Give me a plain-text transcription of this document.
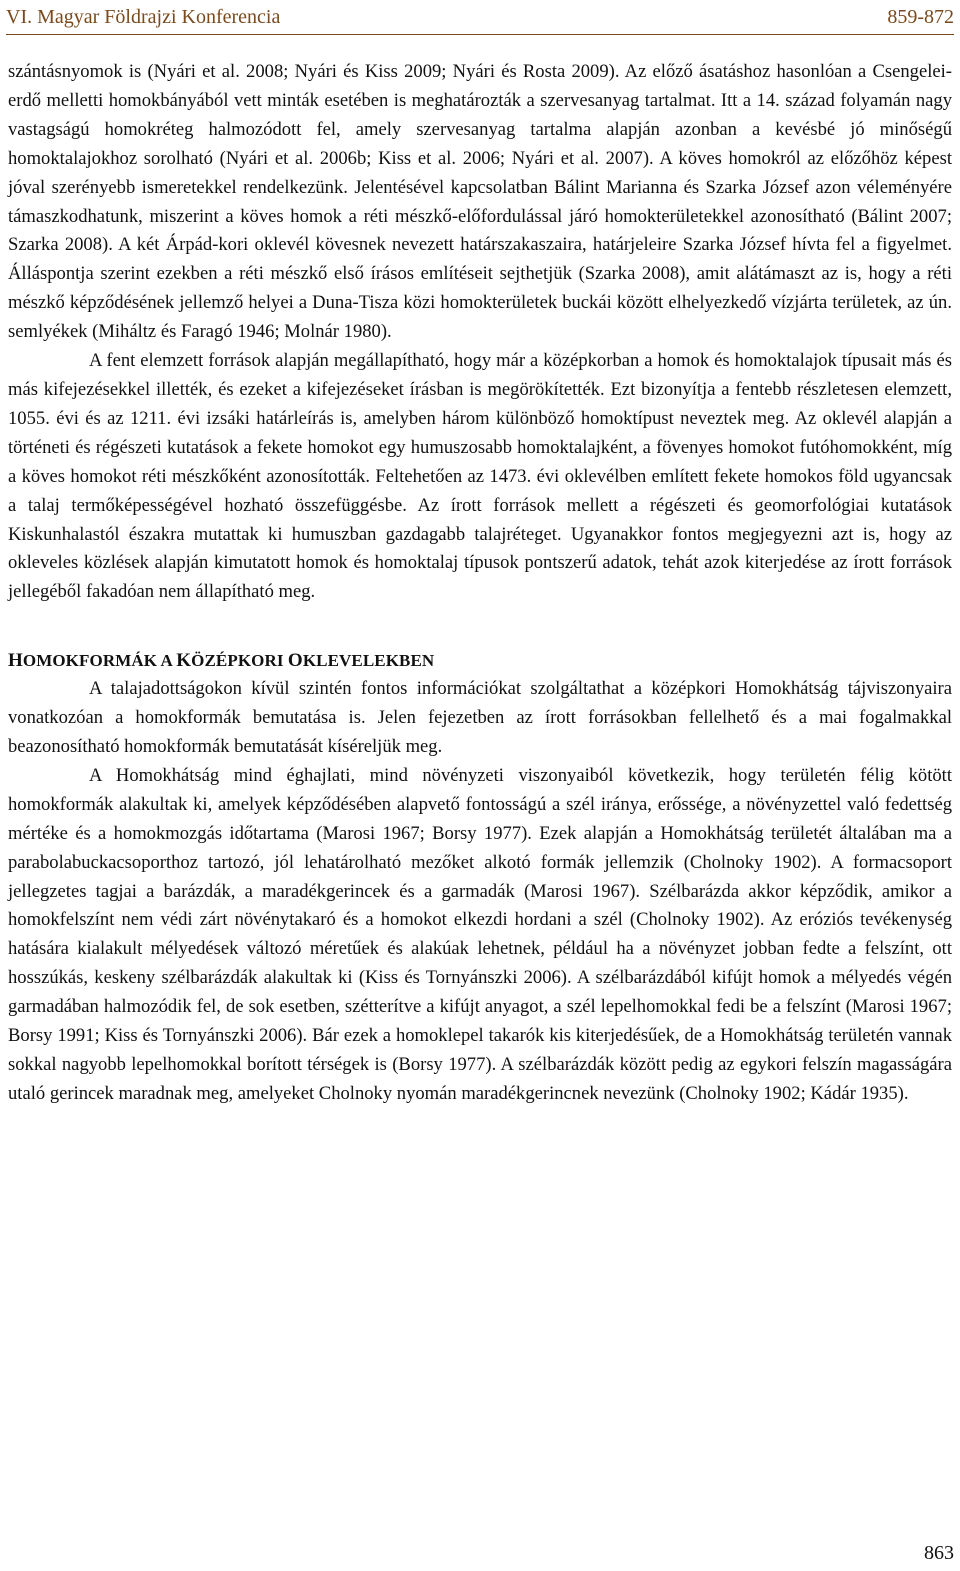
VI. Magyar Földrajzi Konferencia	859-872

szántásnyomok is (Nyári et al. 2008; Nyári és Kiss 2009; Nyári és Rosta 2009). Az előző ásatáshoz hasonlóan a Csengelei-erdő melletti homokbányából vett minták esetében is meghatározták a szervesanyag tartalmat. Itt a 14. század folyamán nagy vastagságú homokréteg halmozódott fel, amely szervesanyag tartalma alapján azonban a kevésbé jó minőségű homoktalajokhoz sorolható (Nyári et al. 2006b; Kiss et al. 2006; Nyári et al. 2007). A köves homokról az előzőhöz képest jóval szerényebb ismeretekkel rendelkezünk. Jelentésével kapcsolatban Bálint Marianna és Szarka József azon véleményére támaszkodhatunk, miszerint a köves homok a réti mészkő-előfordulással járó homokterületekkel azonosítható (Bálint 2007; Szarka 2008). A két Árpád-kori oklevél kövesnek nevezett határszakaszaira, határjeleire Szarka József hívta fel a figyelmet. Álláspontja szerint ezekben a réti mészkő első írásos említéseit sejthetjük (Szarka 2008), amit alátámaszt az is, hogy a réti mészkő képződésének jellemző helyei a Duna-Tisza közi homokterületek buckái között elhelyezkedő vízjárta területek, az ún. semlyékek (Miháltz és Faragó 1946; Molnár 1980).

A fent elemzett források alapján megállapítható, hogy már a középkorban a homok és homoktalajok típusait más és más kifejezésekkel illették, és ezeket a kifejezéseket írásban is megörökítették. Ezt bizonyítja a fentebb részletesen elemzett, 1055. évi és az 1211. évi izsáki határleírás is, amelyben három különböző homoktípust neveztek meg. Az oklevél alapján a történeti és régészeti kutatások a fekete homokot egy humuszosabb homoktalajként, a fövenyes homokot futóhomokként, míg a köves homokot réti mészkőként azonosították. Feltehetően az 1473. évi oklevélben említett fekete homokos föld ugyancsak a talaj termőképességével hozható összefüggésbe. Az írott források mellett a régészeti és geomorfológiai kutatások Kiskunhalastól északra mutattak ki humuszban gazdagabb talajréteget. Ugyanakkor fontos megjegyezni azt is, hogy az okleveles közlések alapján kimutatott homok és homoktalaj típusok pontszerű adatok, tehát azok kiterjedése az írott források jellegéből fakadóan nem állapítható meg.

HOMOKFORMÁK A KÖZÉPKORI OKLEVELEKBEN

A talajadottságokon kívül szintén fontos információkat szolgáltathat a középkori Homokhátság tájviszonyaira vonatkozóan a homokformák bemutatása is. Jelen fejezetben az írott forrásokban fellelhető és a mai fogalmakkal beazonosítható homokformák bemutatását kíséreljük meg.

A Homokhátság mind éghajlati, mind növényzeti viszonyaiból következik, hogy területén félig kötött homokformák alakultak ki, amelyek képződésében alapvető fontosságú a szél iránya, erőssége, a növényzettel való fedettség mértéke és a homokmozgás időtartama (Marosi 1967; Borsy 1977). Ezek alapján a Homokhátság területét általában ma a parabolabuckacsoporthoz tartozó, jól lehatárolható mezőket alkotó formák jellemzik (Cholnoky 1902). A formacsoport jellegzetes tagjai a barázdák, a maradékgerincek és a garmadák (Marosi 1967). Szélbarázda akkor képződik, amikor a homokfelszínt nem védi zárt növénytakaró és a homokot elkezdi hordani a szél (Cholnoky 1902). Az eróziós tevékenység hatására kialakult mélyedések változó méretűek és alakúak lehetnek, például ha a növényzet jobban fedte a felszínt, ott hosszúkás, keskeny szélbarázdák alakultak ki (Kiss és Tornyánszki 2006). A szélbarázdából kifújt homok a mélyedés végén garmadában halmozódik fel, de sok esetben, szétterítve a kifújt anyagot, a szél lepelhomokkal fedi be a felszínt (Marosi 1967; Borsy 1991; Kiss és Tornyánszki 2006). Bár ezek a homoklepel takarók kis kiterjedésűek, de a Homokhátság területén vannak sokkal nagyobb lepelhomokkal borított térségek is (Borsy 1977). A szélbarázdák között pedig az egykori felszín magasságára utaló gerincek maradnak meg, amelyeket Cholnoky nyomán maradékgerincnek nevezünk (Cholnoky 1902; Kádár 1935).

863
